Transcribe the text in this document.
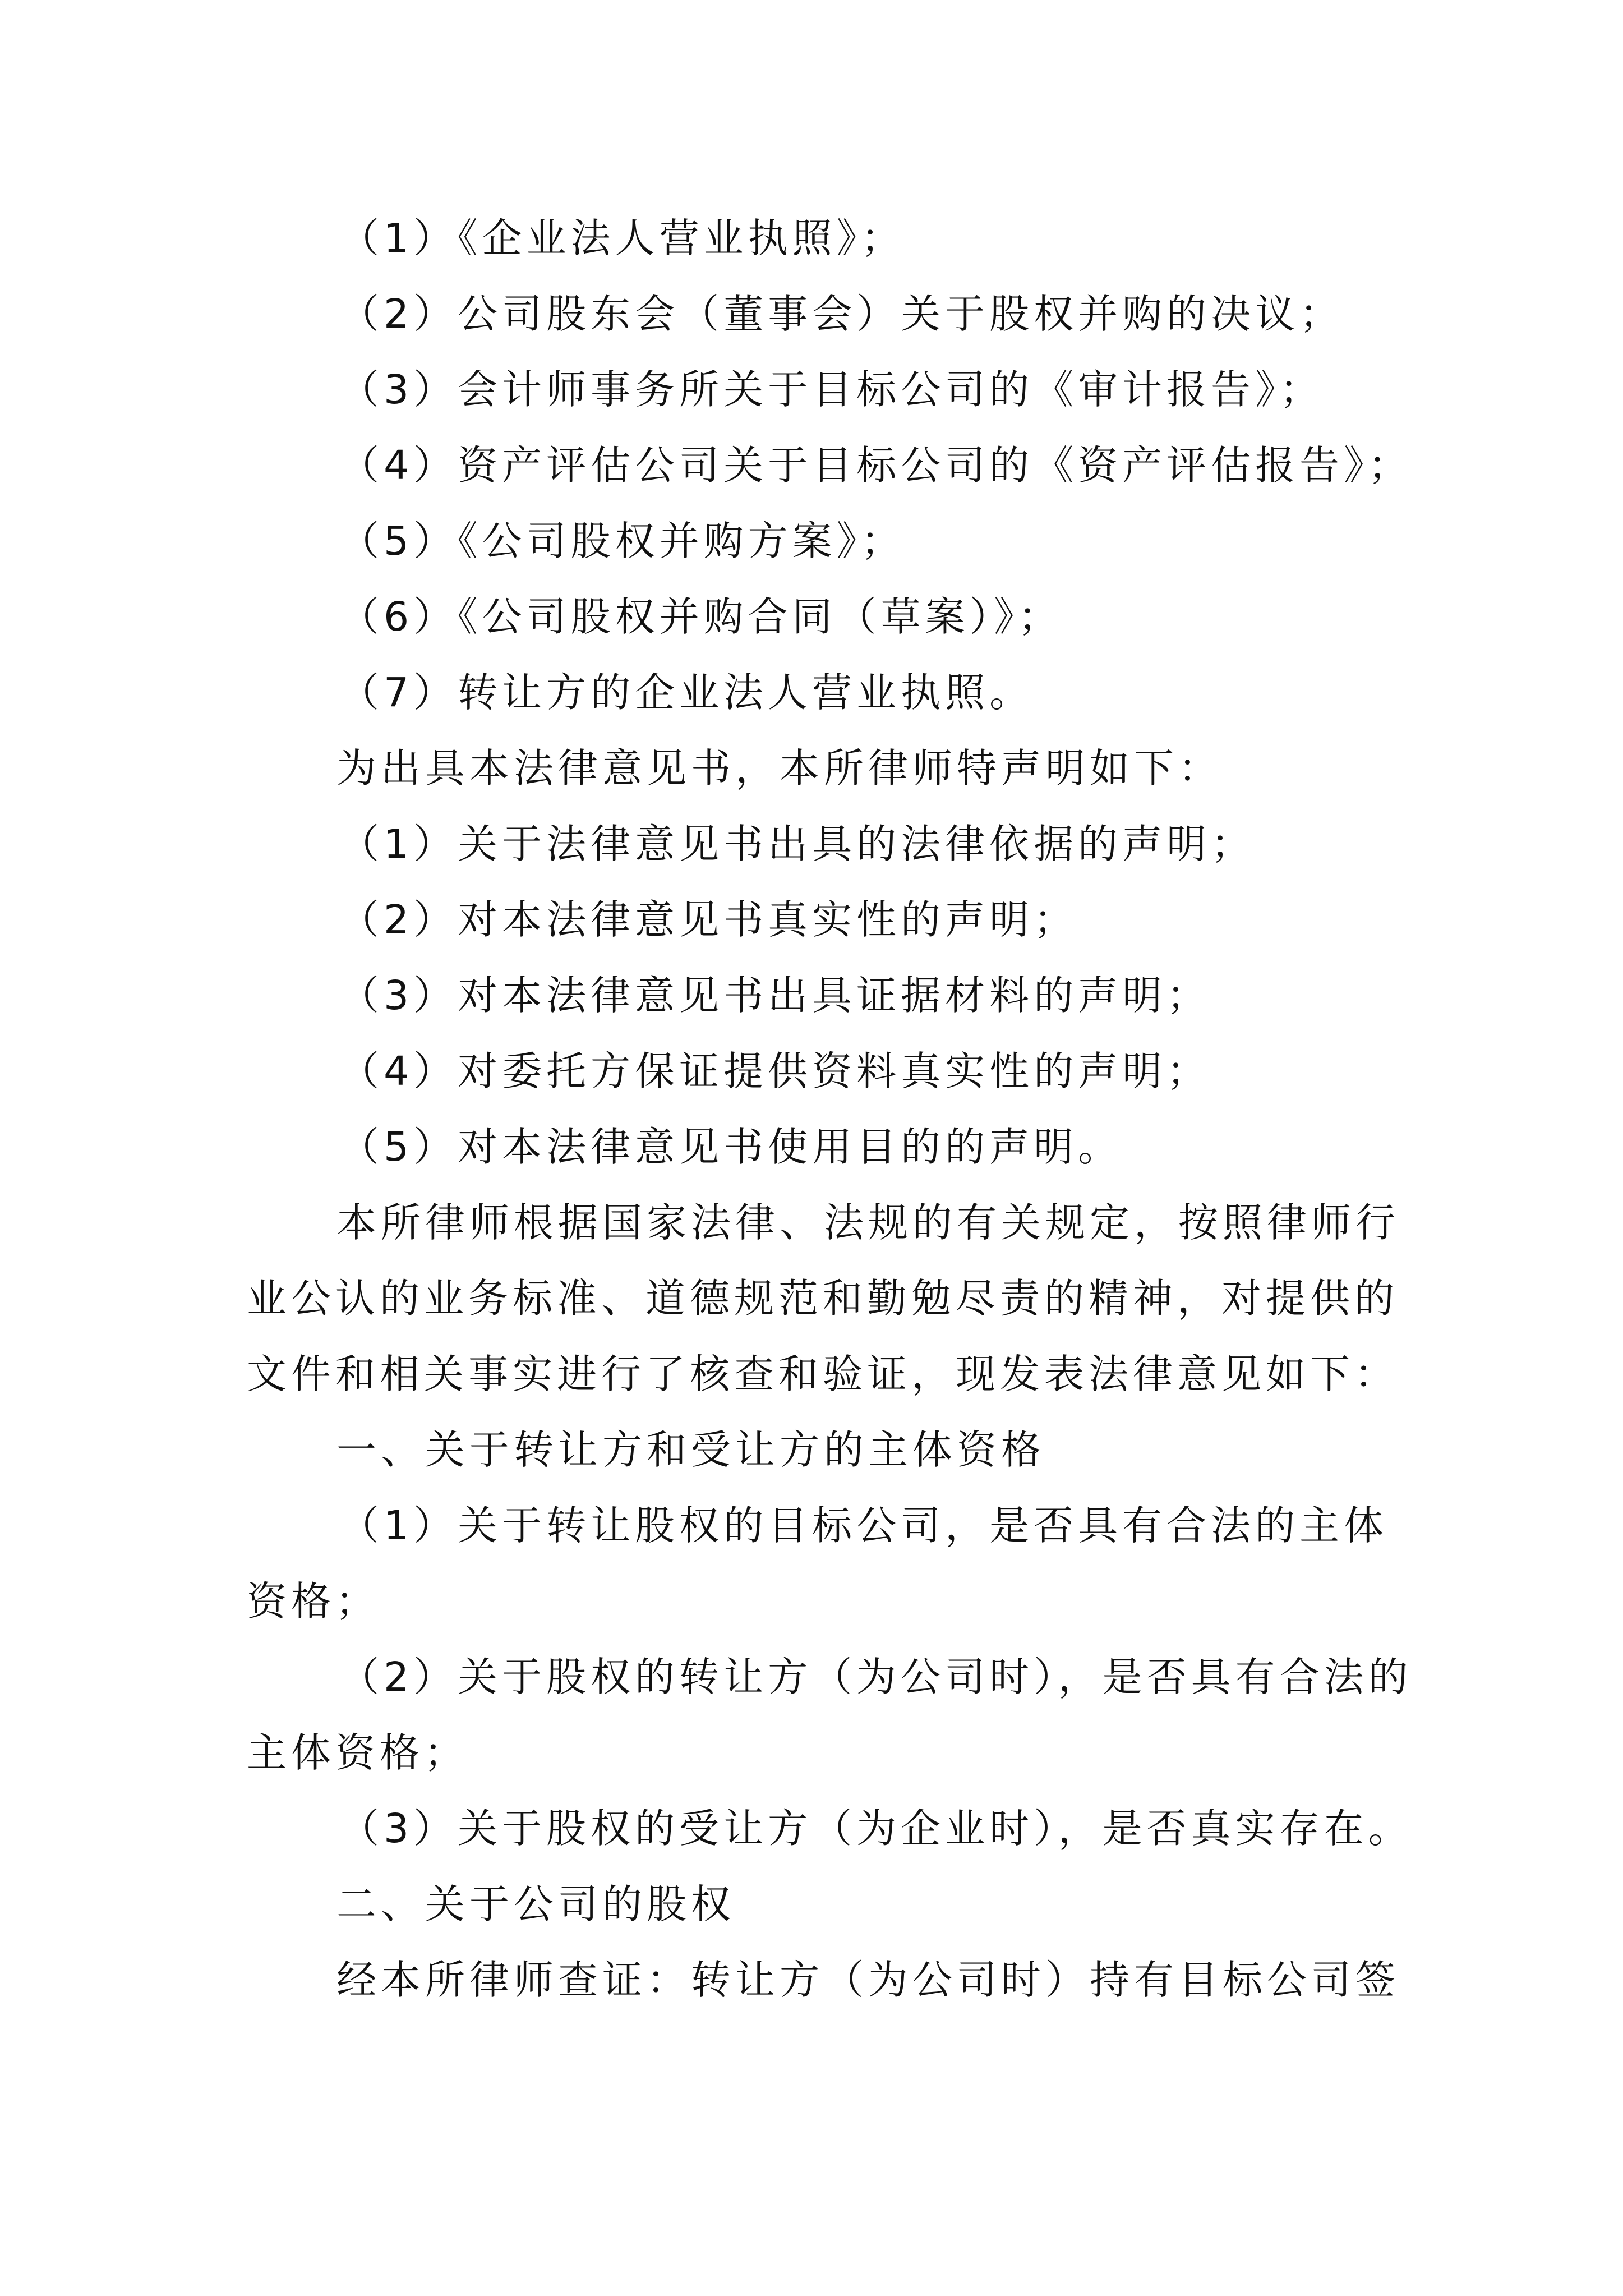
（1）《企业法人营业执照》；
（2）公司股东会（董事会）关于股权并购的决议；
（3）会计师事务所关于目标公司的《审计报告》；
（4）资产评估公司关于目标公司的《资产评估报告》；
（5）《公司股权并购方案》；
（6）《公司股权并购合同（草案）》；
（7）转让方的企业法人营业执照。
为出具本法律意见书，本所律师特声明如下：
（1）关于法律意见书出具的法律依据的声明；
（2）对本法律意见书真实性的声明；
（3）对本法律意见书出具证据材料的声明；
（4）对委托方保证提供资料真实性的声明；
（5）对本法律意见书使用目的的声明。
本所律师根据国家法律、法规的有关规定，按照律师行
业公认的业务标准、道德规范和勤勉尽责的精神，对提供的
文件和相关事实进行了核查和验证，现发表法律意见如下：
一、关于转让方和受让方的主体资格
（1）关于转让股权的目标公司，是否具有合法的主体
资格；
（2）关于股权的转让方（为公司时），是否具有合法的
主体资格；
（3）关于股权的受让方（为企业时），是否真实存在。
二、关于公司的股权
经本所律师查证：转让方（为公司时）持有目标公司签
